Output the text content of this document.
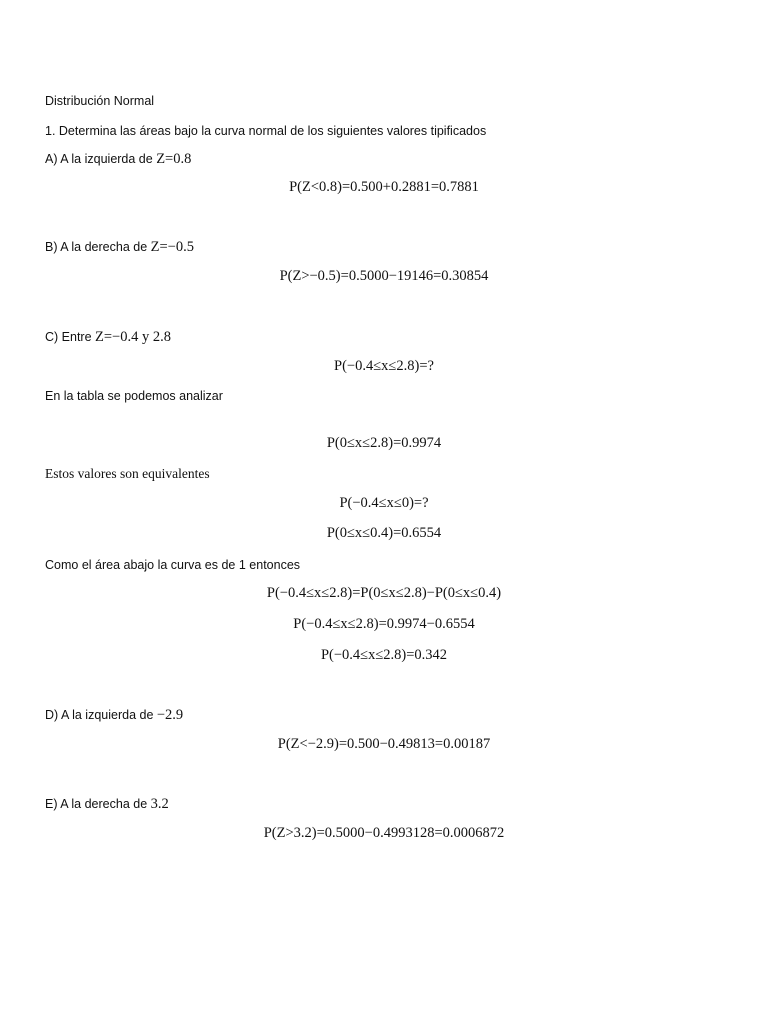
Distribución Normal
1. Determina las áreas bajo la curva normal de los siguientes valores tipificados
A) A la izquierda de Z=0.8
P(Z<0.8)=0.500+0.2881=0.7881
B) A la derecha de Z=−0.5
P(Z>−0.5)=0.5000−19146=0.30854
C) Entre Z=−0.4 y 2.8
P(−0.4≤x≤2.8)=?
En la tabla se podemos analizar
P(0≤x≤2.8)=0.9974
Estos valores son equivalentes
P(−0.4≤x≤0)=?
P(0≤x≤0.4)=0.6554
Como el área abajo la curva es de 1 entonces
P(−0.4≤x≤2.8)=P(0≤x≤2.8)−P(0≤x≤0.4)
P(−0.4≤x≤2.8)=0.9974−0.6554
P(−0.4≤x≤2.8)=0.342
D) A la izquierda de −2.9
P(Z<−2.9)=0.500−0.49813=0.00187
E) A la derecha de 3.2
P(Z>3.2)=0.5000−0.4993128=0.0006872
